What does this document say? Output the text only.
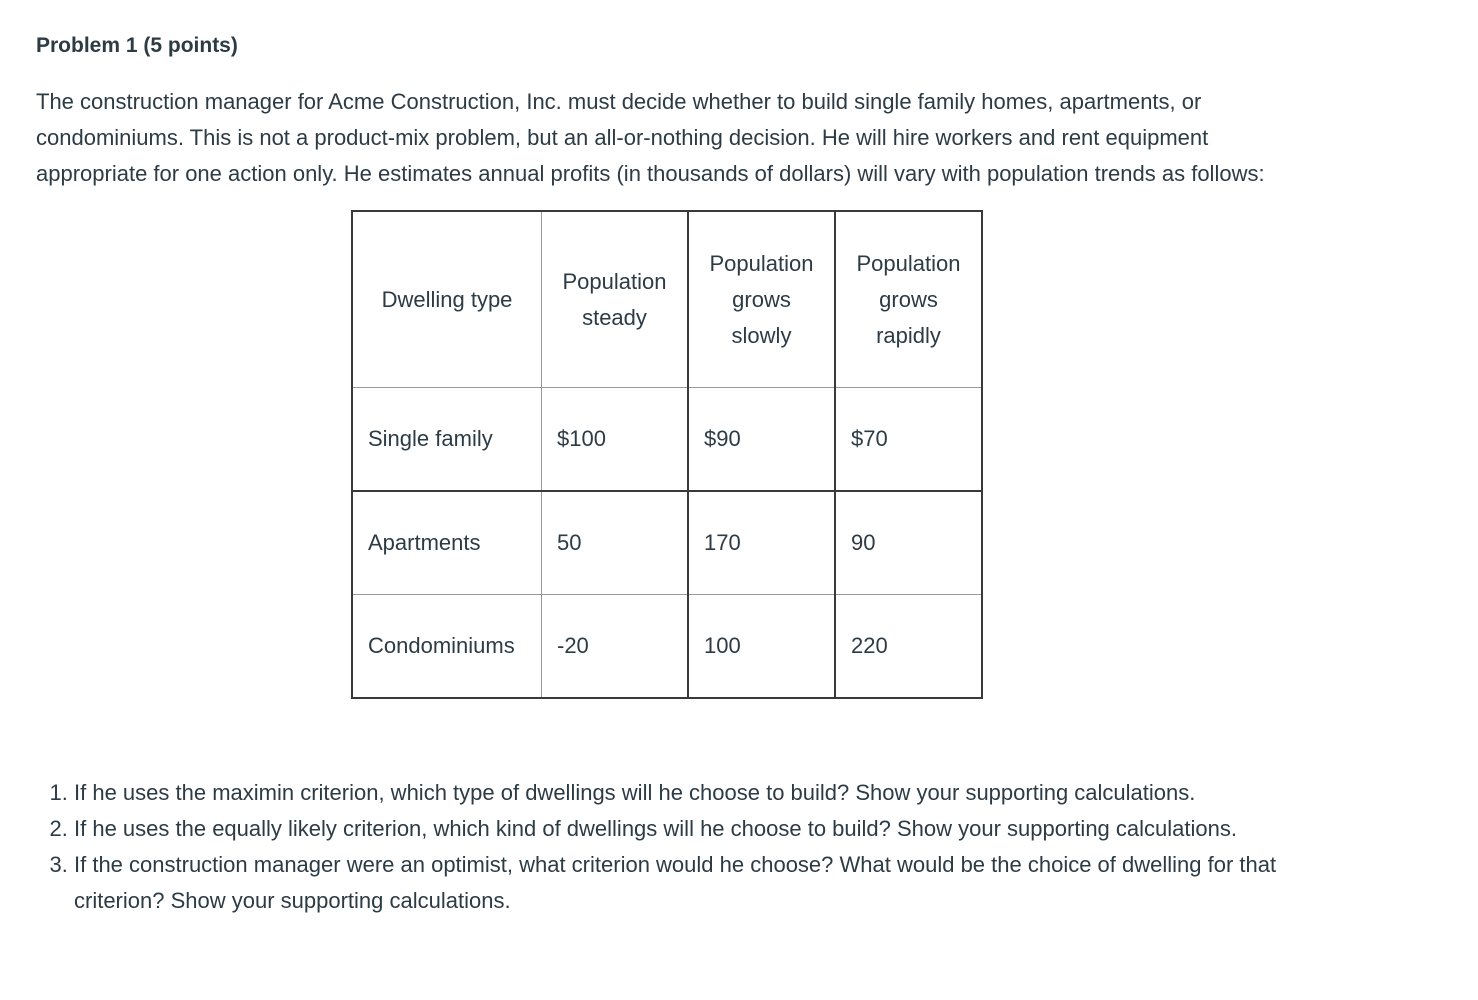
Problem 1 (5 points)

The construction manager for Acme Construction, Inc. must decide whether to build single family homes, apartments, or condominiums. This is not a product-mix problem, but an all-or-nothing decision. He will hire workers and rent equipment appropriate for one action only. He estimates annual profits (in thousands of dollars) will vary with population trends as follows:

Dwelling type	Population steady	Population grows slowly	Population grows rapidly
Single family	$100	$90	$70
Apartments	50	170	90
Condominiums	-20	100	220
1. If he uses the maximin criterion, which type of dwellings will he choose to build? Show your supporting calculations.
2. If he uses the equally likely criterion, which kind of dwellings will he choose to build? Show your supporting calculations.
3. If the construction manager were an optimist, what criterion would he choose? What would be the choice of dwelling for that criterion? Show your supporting calculations.
